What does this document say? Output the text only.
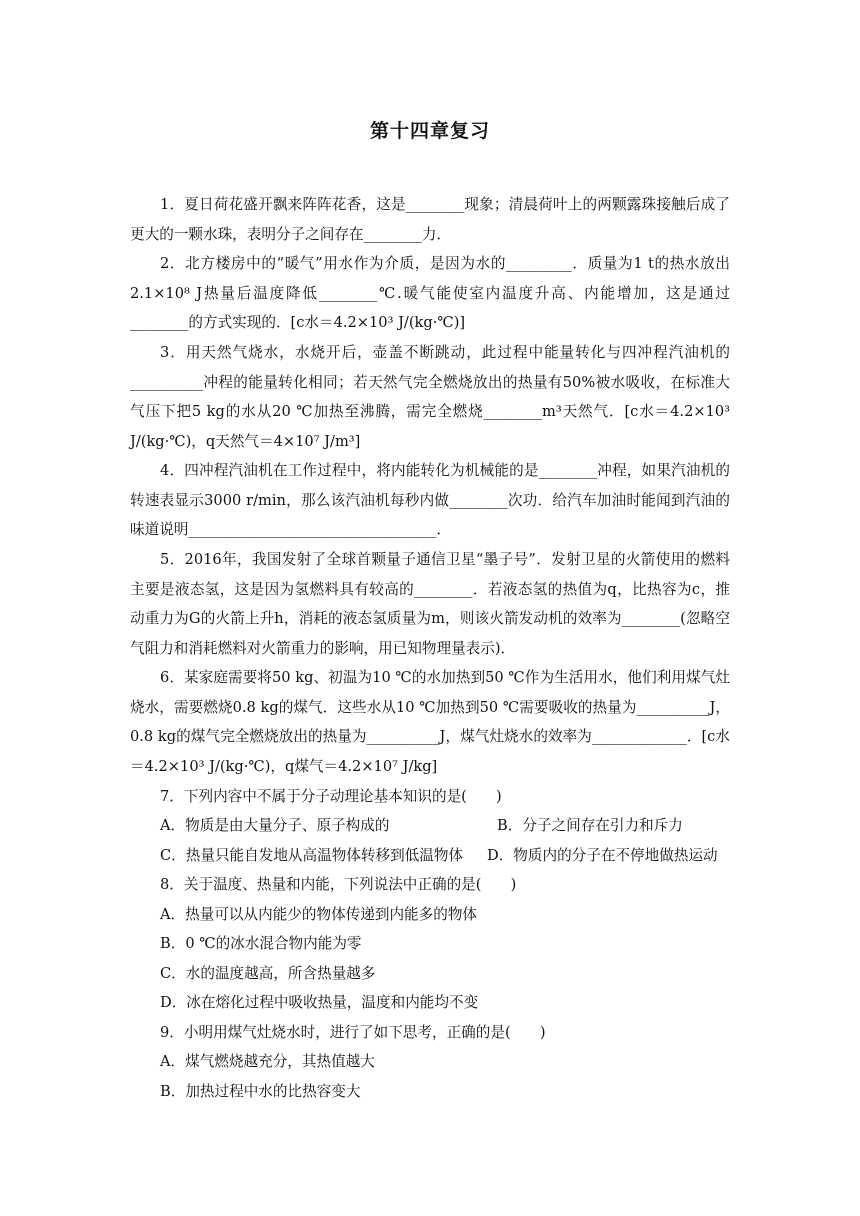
第十四章复习
1．夏日荷花盛开飘来阵阵花香，这是________现象；清晨荷叶上的两颗露珠接触后成了更大的一颗水珠，表明分子之间存在________力．
2．北方楼房中的“暖气”用水作为介质，是因为水的_________．质量为1 t的热水放出2.1×10⁸ J热量后温度降低________℃.暖气能使室内温度升高、内能增加，这是通过________的方式实现的．[c水＝4.2×10³ J/(kg·℃)]
3．用天然气烧水，水烧开后，壶盖不断跳动，此过程中能量转化与四冲程汽油机的__________冲程的能量转化相同；若天然气完全燃烧放出的热量有50%被水吸收，在标准大气压下把5 kg的水从20 ℃加热至沸腾，需完全燃烧________m³天然气．[c水＝4.2×10³ J/(kg·℃)，q天然气＝4×10⁷ J/m³]
4．四冲程汽油机在工作过程中，将内能转化为机械能的是________冲程，如果汽油机的转速表显示3000 r/min，那么该汽油机每秒内做________次功．给汽车加油时能闻到汽油的味道说明__________________________________．
5．2016年，我国发射了全球首颗量子通信卫星“墨子号”．发射卫星的火箭使用的燃料主要是液态氢，这是因为氢燃料具有较高的________．若液态氢的热值为q，比热容为c，推动重力为G的火箭上升h，消耗的液态氢质量为m，则该火箭发动机的效率为________(忽略空气阻力和消耗燃料对火箭重力的影响，用已知物理量表示)．
6．某家庭需要将50 kg、初温为10 ℃的水加热到50 ℃作为生活用水，他们利用煤气灶烧水，需要燃烧0.8 kg的煤气．这些水从10 ℃加热到50 ℃需要吸收的热量为__________J，0.8 kg的煤气完全燃烧放出的热量为__________J，煤气灶烧水的效率为_____________．[c水＝4.2×10³ J/(kg·℃)，q煤气＝4.2×10⁷ J/kg]
7．下列内容中不属于分子动理论基本知识的是(　　)
A．物质是由大量分子、原子构成的	B．分子之间存在引力和斥力
C．热量只能自发地从高温物体转移到低温物体 D．物质内的分子在不停地做热运动
8．关于温度、热量和内能，下列说法中正确的是(　　)
A．热量可以从内能少的物体传递到内能多的物体
B．0 ℃的冰水混合物内能为零
C．水的温度越高，所含热量越多
D．冰在熔化过程中吸收热量，温度和内能均不变
9．小明用煤气灶烧水时，进行了如下思考，正确的是(　　)
A．煤气燃烧越充分，其热值越大
B．加热过程中水的比热容变大
